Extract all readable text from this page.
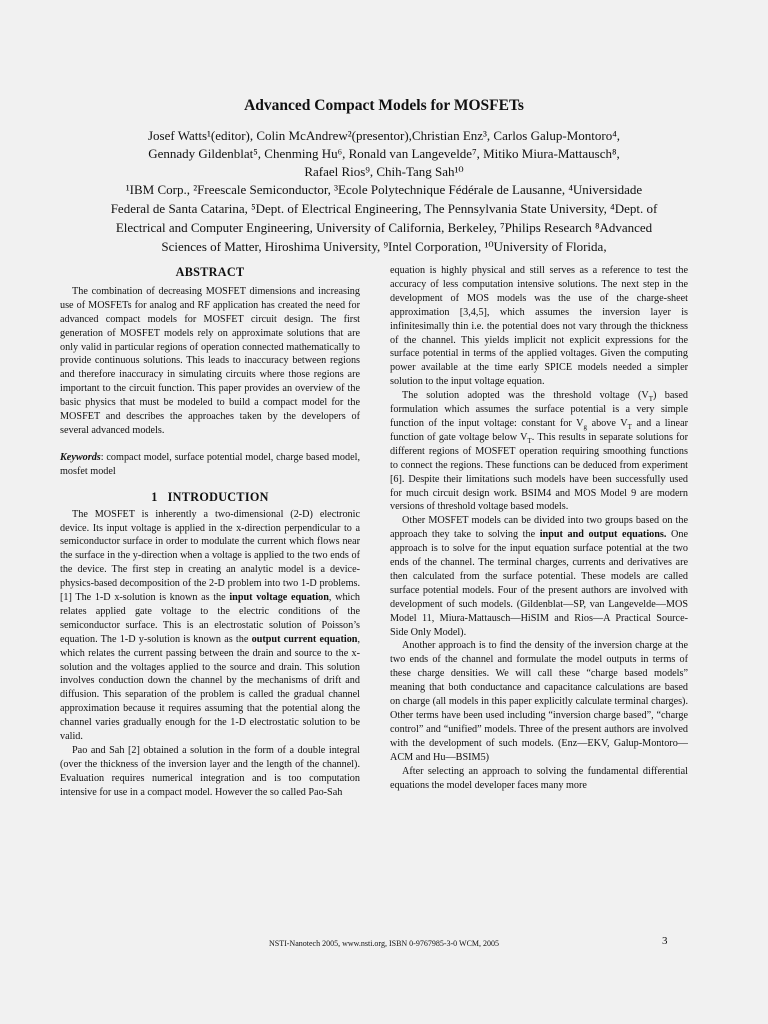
Advanced Compact Models for MOSFETs

Josef Watts¹(editor), Colin McAndrew²(presentor),Christian Enz³, Carlos Galup-Montoro⁴,

Gennady Gildenblat⁵, Chenming Hu⁶, Ronald van Langevelde⁷, Mitiko Miura-Mattausch⁸,

Rafael Rios⁹, Chih-Tang Sah¹⁰

¹IBM Corp., ²Freescale Semiconductor, ³Ecole Polytechnique Fédérale de Lausanne, ⁴Universidade

Federal de Santa Catarina, ⁵Dept. of Electrical Engineering, The Pennsylvania State University, ⁴Dept. of

Electrical and Computer Engineering, University of California, Berkeley, ⁷Philips Research ⁸Advanced

Sciences of Matter, Hiroshima University, ⁹Intel Corporation, ¹⁰University of Florida,

ABSTRACT

The combination of decreasing MOSFET dimensions and increasing use of MOSFETs for analog and RF application has created the need for advanced compact models for MOSFET circuit design. The first generation of MOSFET models rely on approximate solutions that are only valid in particular regions of operation connected mathematically to provide continuous solutions. This leads to inaccuracy between regions and therefore inaccuracy in simulating circuits where those regions are important to the circuit function. This paper provides an overview of the basic physics that must be modeled to build a compact model for the MOSFET and describes the approaches taken by the developers of several advanced models.

Keywords: compact model, surface potential model, charge based model, mosfet model

1 INTRODUCTION

The MOSFET is inherently a two-dimensional (2-D) electronic device. Its input voltage is applied in the x-direction perpendicular to a semiconductor surface in order to modulate the current which flows near the surface in the y-direction when a voltage is applied to the two ends of the device. The first step in creating an analytic model is a device-physics-based decomposition of the 2-D problem into two 1-D problems. [1] The 1-D x-solution is known as the input voltage equation, which relates applied gate voltage to the electric conditions of the semiconductor surface. This is an electrostatic solution of Poisson’s equation. The 1-D y-solution is known as the output current equation, which relates the current passing between the drain and source to the x-solution and the voltages applied to the source and drain. This solution involves conduction down the channel by the mechanisms of drift and diffusion. This separation of the problem is called the gradual channel approximation because it requires assuming that the potential along the channel varies gradually enough for the 1-D electrostatic solution to be valid.

Pao and Sah [2] obtained a solution in the form of a double integral (over the thickness of the inversion layer and the length of the channel). Evaluation requires numerical integration and is too computation intensive for use in a compact model. However the so called Pao-Sah

equation is highly physical and still serves as a reference to test the accuracy of less computation intensive solutions. The next step in the development of MOS models was the use of the charge-sheet approximation [3,4,5], which assumes the inversion layer is infinitesimally thin i.e. the potential does not vary through the thickness of the channel. This yields implicit not explicit expressions for the surface potential in terms of the applied voltages. Given the computing power available at the time early SPICE models needed a simpler solution to the input voltage equation.

The solution adopted was the threshold voltage $(V_T)$ based formulation which assumes the surface potential is a very simple function of the input voltage: constant for $V_g$ above $V_T$ and a linear function of gate voltage below $V_T$. This results in separate solutions for different regions of MOSFET operation requiring smoothing functions to connect the regions. These functions can be deduced from experiment [6]. Despite their limitations such models have been successfully used for much circuit design work. BSIM4 and MOS Model 9 are modern versions of threshold voltage based models.

Other MOSFET models can be divided into two groups based on the approach they take to solving the input and output equations. One approach is to solve for the input equation surface potential at the two ends of the channel. The terminal charges, currents and derivatives are then calculated from the surface potential. These models are called surface potential models. Four of the present authors are involved with development of such models. (Gildenblat—SP, van Langevelde—MOS Model 11, Miura-Mattausch—HiSIM and Rios—A Practical Source-Side Only Model).

Another approach is to find the density of the inversion charge at the two ends of the channel and formulate the model outputs in terms of these charge densities. We will call these “charge based models” meaning that both conductance and capacitance calculations are based on charge (all models in this paper explicitly calculate terminal charges). Other terms have been used including “inversion charge based”, “charge control” and “unified” models. Three of the present authors are involved with the development of such models. (Enz—EKV, Galup-Montoro—ACM and Hu—BSIM5)

After selecting an approach to solving the fundamental differential equations the model developer faces many more

NSTI-Nanotech 2005, www.nsti.org, ISBN 0-9767985-3-0 WCM, 2005	3
